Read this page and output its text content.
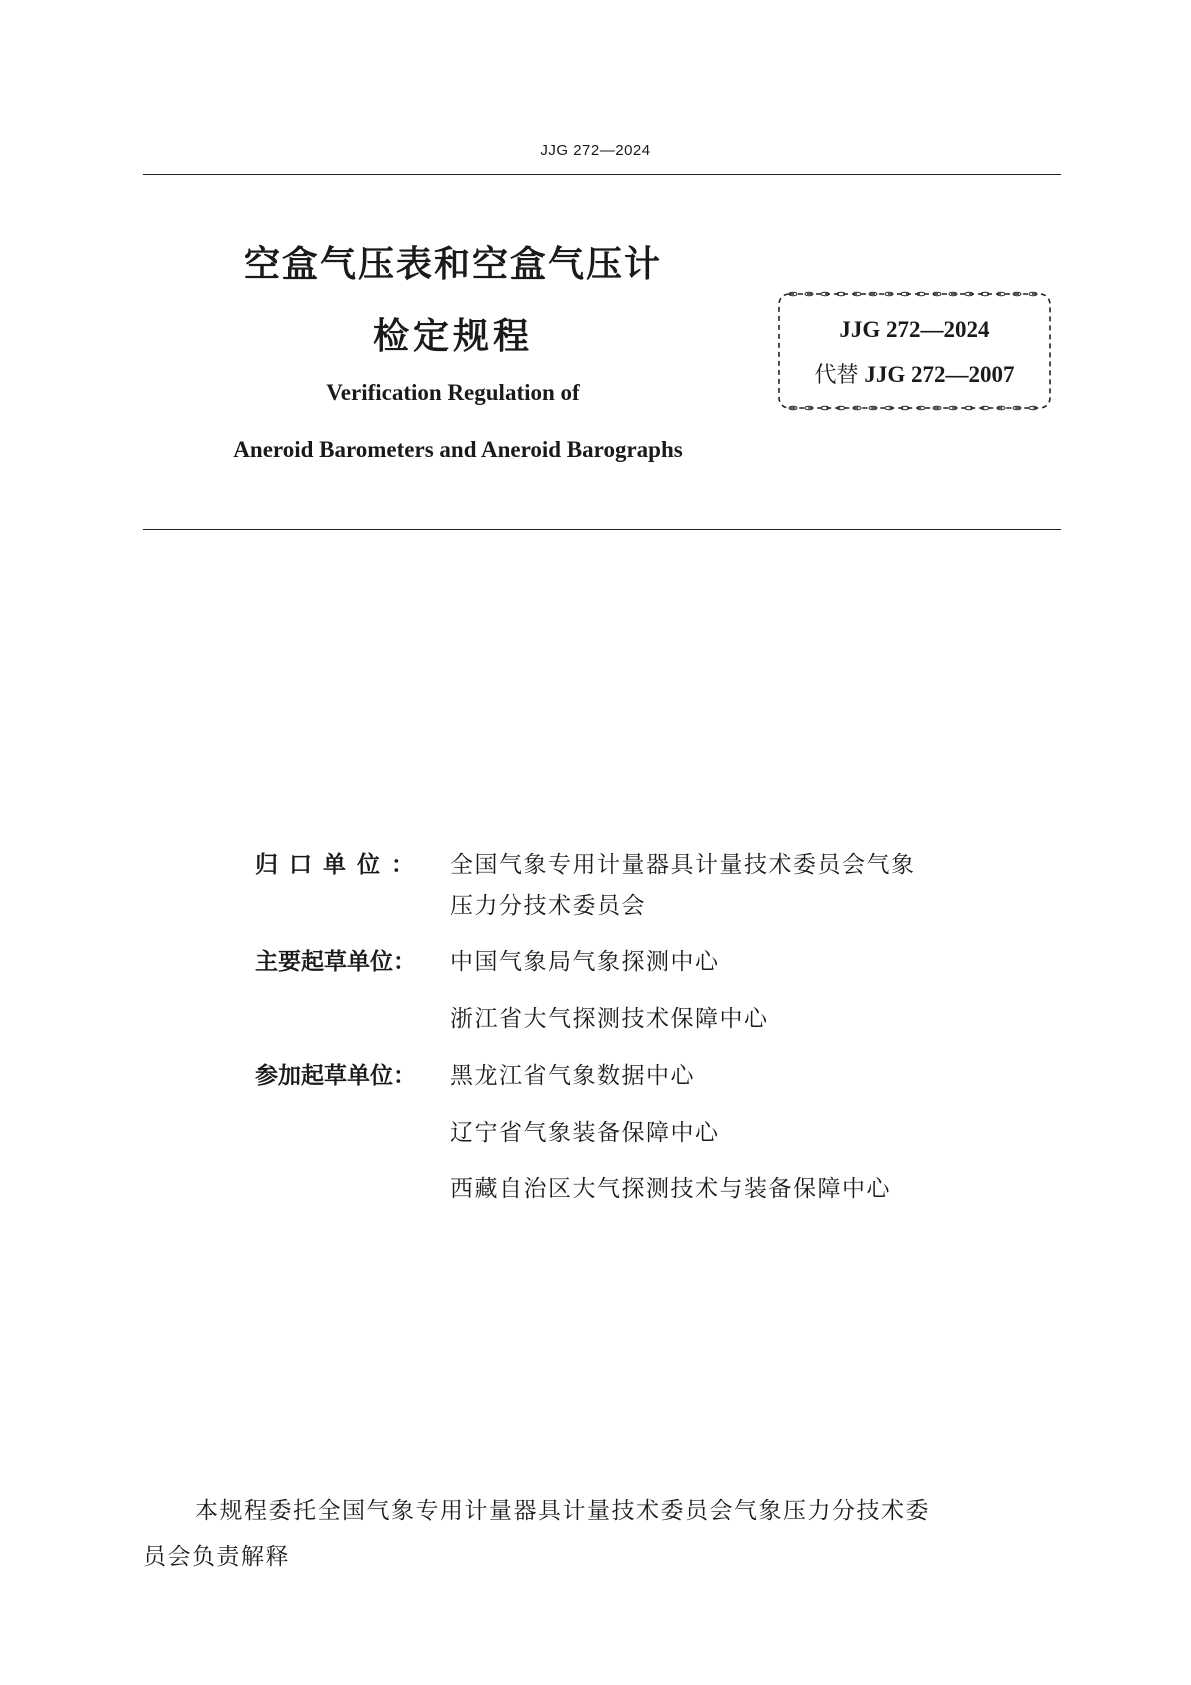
JJG 272—2024
空盒气压表和空盒气压计
检定规程
Verification Regulation of
Aneroid Barometers and Aneroid Barographs
JJG 272—2024
代替 JJG 272—2007
归口单位： 全国气象专用计量器具计量技术委员会气象
压力分技术委员会
主要起草单位：	中国气象局气象探测中心
浙江省大气探测技术保障中心
参加起草单位：	黑龙江省气象数据中心
辽宁省气象装备保障中心
西藏自治区大气探测技术与装备保障中心
本规程委托全国气象专用计量器具计量技术委员会气象压力分技术委
员会负责解释
